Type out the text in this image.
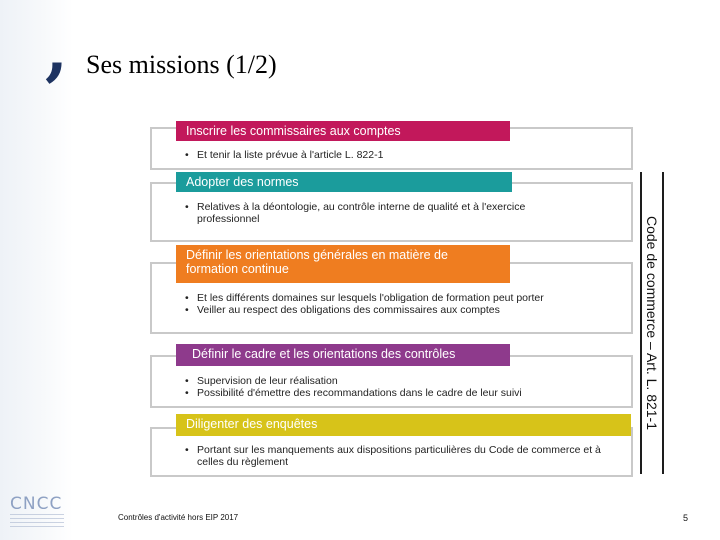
, Ses missions (1/2)
Inscrire les commissaires aux comptes
• Et tenir la liste prévue à l'article L. 822-1
Adopter des normes
• Relatives à la déontologie, au contrôle interne de qualité et à l'exercice professionnel
Définir les orientations générales en matière de formation continue
• Et les différents domaines sur lesquels l'obligation de formation peut porter
• Veiller au respect des obligations des commissaires aux comptes
Définir le cadre et les orientations des contrôles
• Supervision de leur réalisation
• Possibilité d'émettre des recommandations dans le cadre de leur suivi
Diligenter des enquêtes
• Portant sur les manquements aux dispositions particulières du Code de commerce et à celles du règlement
Code de commerce – Art. L. 821-1
CNCC
Contrôles d'activité hors EIP 2017	5
